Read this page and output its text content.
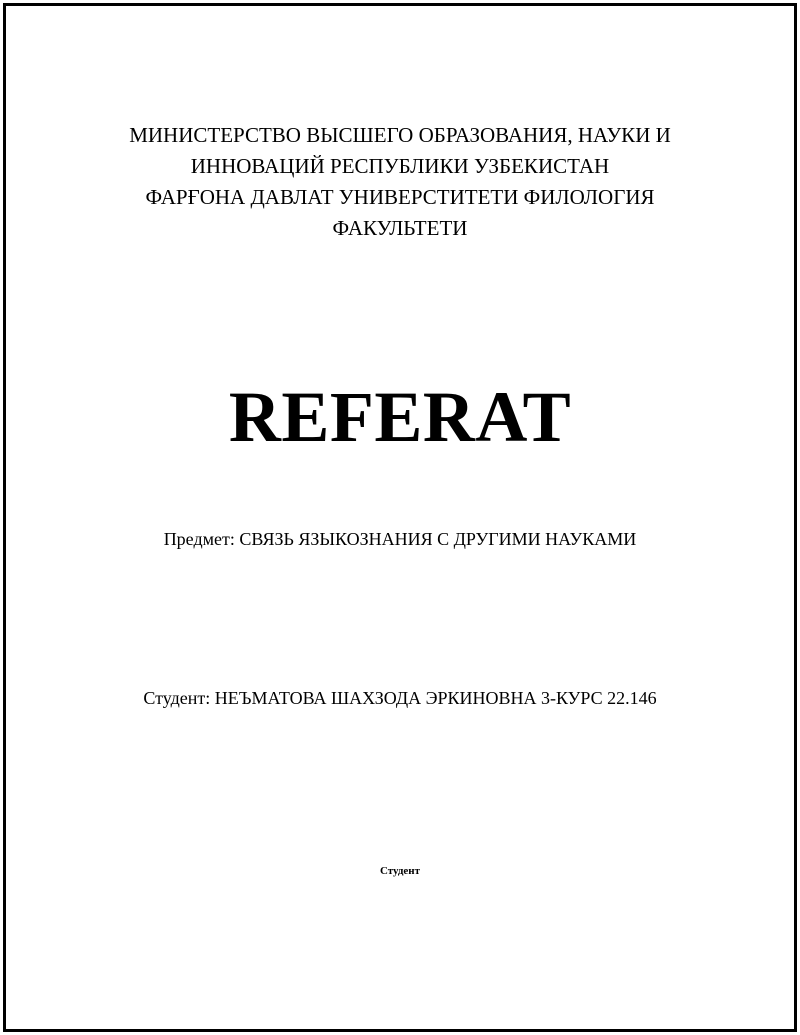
МИНИСТЕРСТВО ВЫСШЕГО ОБРАЗОВАНИЯ, НАУКИ И
ИННОВАЦИЙ РЕСПУБЛИКИ УЗБЕКИСТАН
ФАРҒОНА ДАВЛАТ УНИВЕРСТИТЕТИ ФИЛОЛОГИЯ
ФАКУЛЬТЕТИ
REFERAT
Предмет: СВЯЗЬ ЯЗЫКОЗНАНИЯ С ДРУГИМИ НАУКАМИ
Студент: НЕЪМАТОВА ШАХЗОДА ЭРКИНОВНА 3-КУРС 22.146
Студент
